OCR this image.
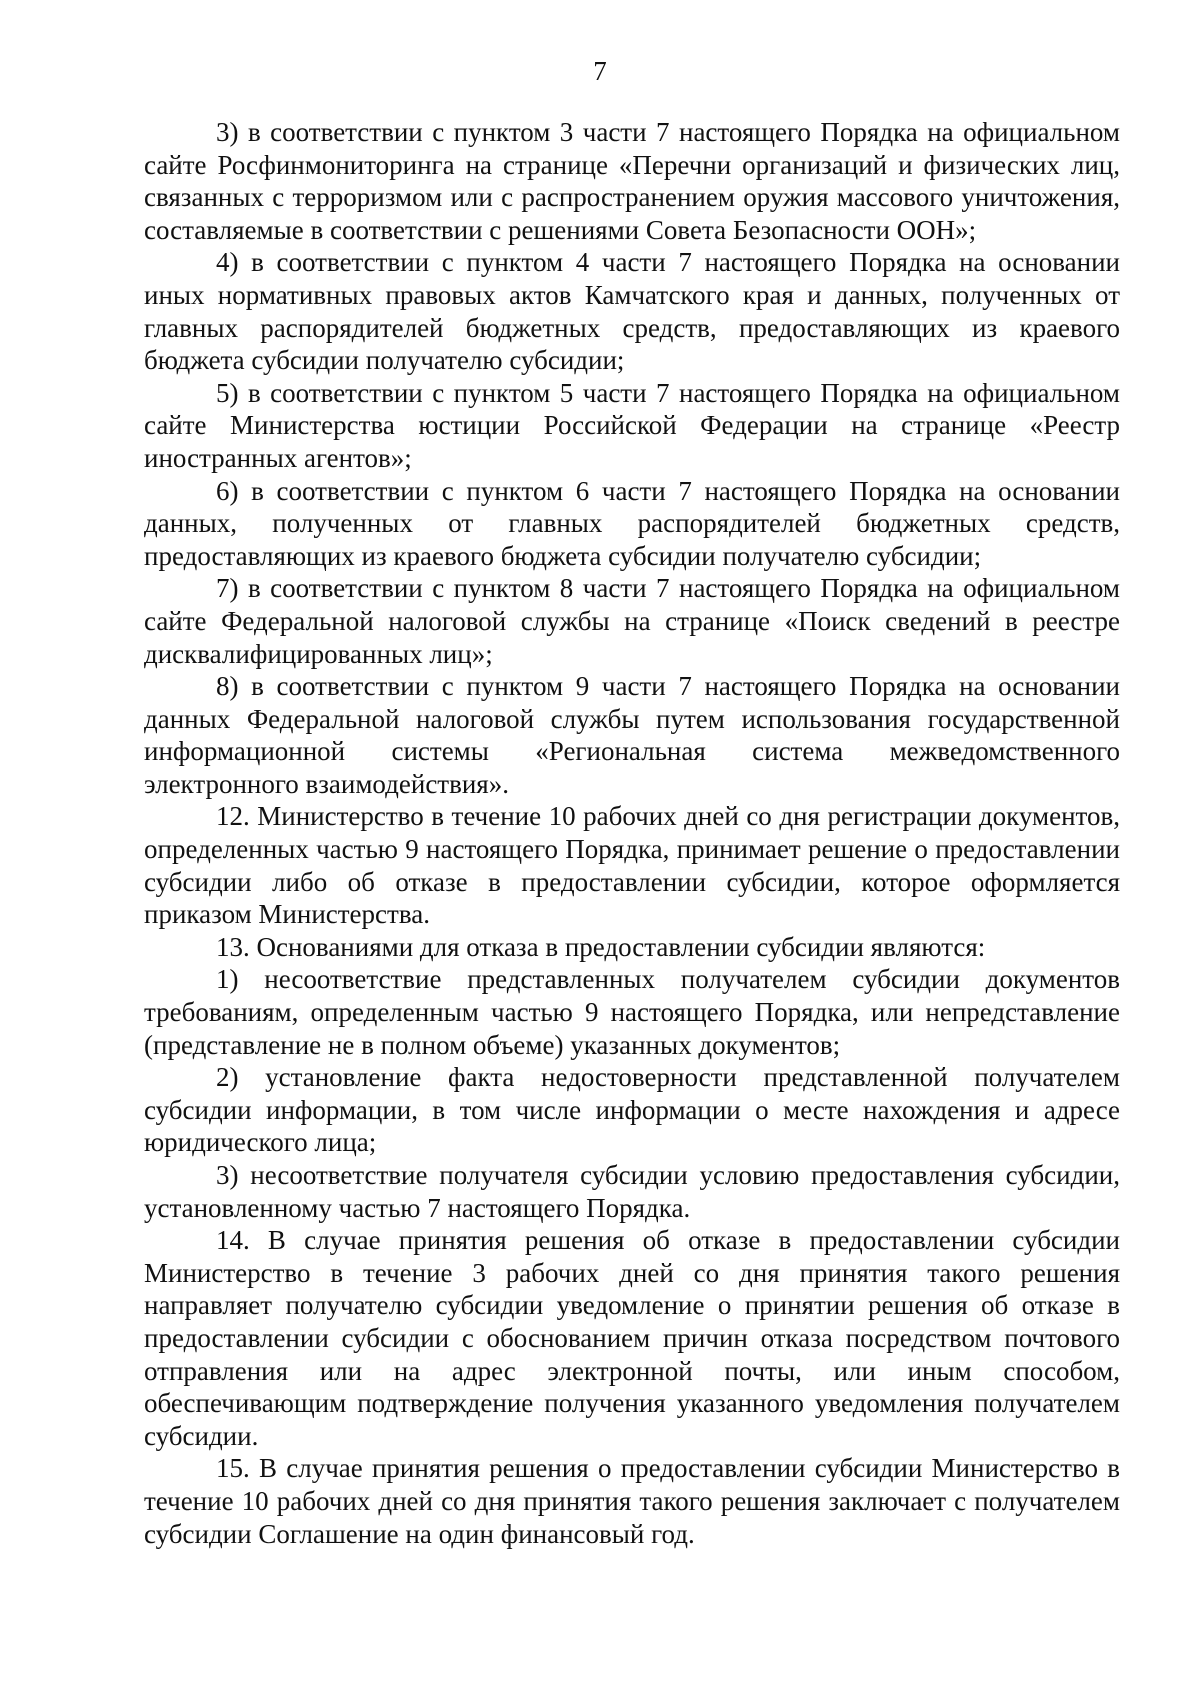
7

3) в соответствии с пунктом 3 части 7 настоящего Порядка на официальном сайте Росфинмониторинга на странице «Перечни организаций и физических лиц, связанных с терроризмом или с распространением оружия массового уничтожения, составляемые в соответствии с решениями Совета Безопасности ООН»;

4) в соответствии с пунктом 4 части 7 настоящего Порядка на основании иных нормативных правовых актов Камчатского края и данных, полученных от главных распорядителей бюджетных средств, предоставляющих из краевого бюджета субсидии получателю субсидии;

5) в соответствии с пунктом 5 части 7 настоящего Порядка на официальном сайте Министерства юстиции Российской Федерации на странице «Реестр иностранных агентов»;

6) в соответствии с пунктом 6 части 7 настоящего Порядка на основании данных, полученных от главных распорядителей бюджетных средств, предоставляющих из краевого бюджета субсидии получателю субсидии;

7) в соответствии с пунктом 8 части 7 настоящего Порядка на официальном сайте Федеральной налоговой службы на странице «Поиск сведений в реестре дисквалифицированных лиц»;

8) в соответствии с пунктом 9 части 7 настоящего Порядка на основании данных Федеральной налоговой службы путем использования государственной информационной системы «Региональная система межведомственного электронного взаимодействия».

12. Министерство в течение 10 рабочих дней со дня регистрации документов, определенных частью 9 настоящего Порядка, принимает решение о предоставлении субсидии либо об отказе в предоставлении субсидии, которое оформляется приказом Министерства.

13. Основаниями для отказа в предоставлении субсидии являются:

1) несоответствие представленных получателем субсидии документов требованиям, определенным частью 9 настоящего Порядка, или непредставление (представление не в полном объеме) указанных документов;

2) установление факта недостоверности представленной получателем субсидии информации, в том числе информации о месте нахождения и адресе юридического лица;

3) несоответствие получателя субсидии условию предоставления субсидии, установленному частью 7 настоящего Порядка.

14. В случае принятия решения об отказе в предоставлении субсидии Министерство в течение 3 рабочих дней со дня принятия такого решения направляет получателю субсидии уведомление о принятии решения об отказе в предоставлении субсидии с обоснованием причин отказа посредством почтового отправления или на адрес электронной почты, или иным способом, обеспечивающим подтверждение получения указанного уведомления получателем субсидии.

15. В случае принятия решения о предоставлении субсидии Министерство в течение 10 рабочих дней со дня принятия такого решения заключает с получателем субсидии Соглашение на один финансовый год.
